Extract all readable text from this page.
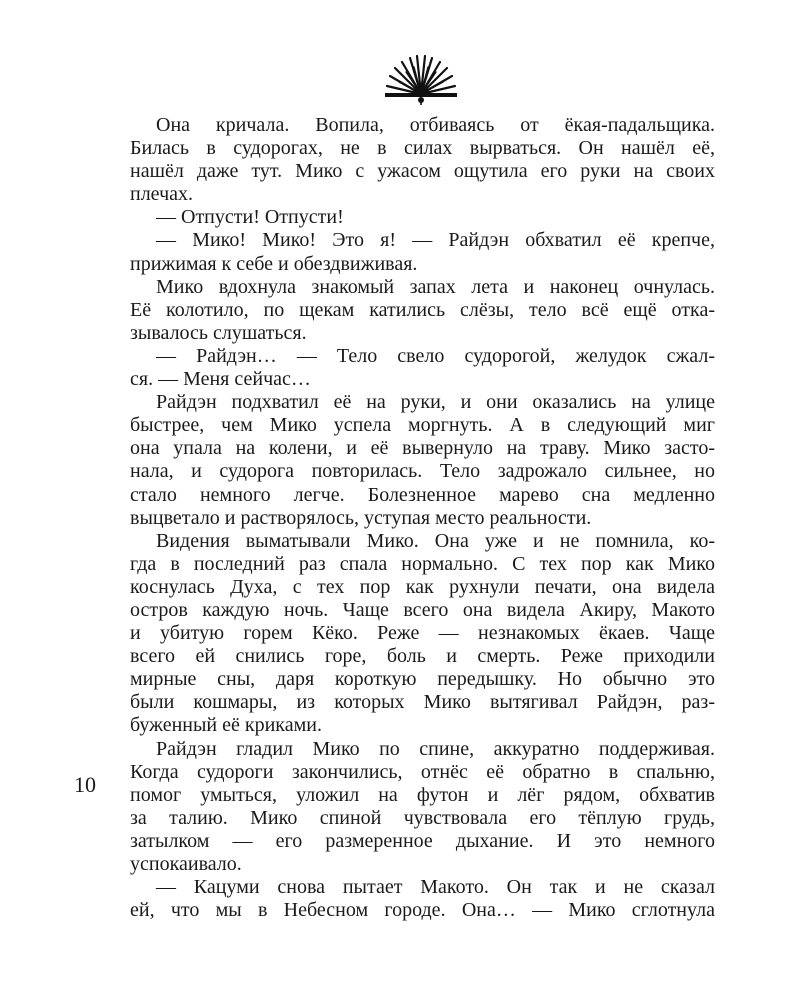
10
Она кричала. Вопила, отбиваясь от ёкая-падальщика.
Билась в судорогах, не в силах вырваться. Он нашёл её,
нашёл даже тут. Мико с ужасом ощутила его руки на своих
плечах.
— Отпусти! Отпусти!
— Мико! Мико! Это я! — Райдэн обхватил её крепче,
прижимая к себе и обездвиживая.
Мико вдохнула знакомый запах лета и наконец очнулась.
Её колотило, по щекам катились слёзы, тело всё ещё отка-
зывалось слушаться.
— Райдэн… — Тело свело судорогой, желудок сжал-
ся. — Меня сейчас…
Райдэн подхватил её на руки, и они оказались на улице
быстрее, чем Мико успела моргнуть. А в следующий миг
она упала на колени, и её вывернуло на траву. Мико засто-
нала, и судорога повторилась. Тело задрожало сильнее, но
стало немного легче. Болезненное марево сна медленно
выцветало и растворялось, уступая место реальности.
Видения выматывали Мико. Она уже и не помнила, ко-
гда в последний раз спала нормально. С тех пор как Мико
коснулась Духа, с тех пор как рухнули печати, она видела
остров каждую ночь. Чаще всего она видела Акиру, Макото
и убитую горем Кёко. Реже — незнакомых ёкаев. Чаще
всего ей снились горе, боль и смерть. Реже приходили
мирные сны, даря короткую передышку. Но обычно это
были кошмары, из которых Мико вытягивал Райдэн, раз-
буженный её криками.
Райдэн гладил Мико по спине, аккуратно поддерживая.
Когда судороги закончились, отнёс её обратно в спальню,
помог умыться, уложил на футон и лёг рядом, обхватив
за талию. Мико спиной чувствовала его тёплую грудь,
затылком — его размеренное дыхание. И это немного
успокаивало.
— Кацуми снова пытает Макото. Он так и не сказал
ей, что мы в Небесном городе. Она… — Мико сглотнула
